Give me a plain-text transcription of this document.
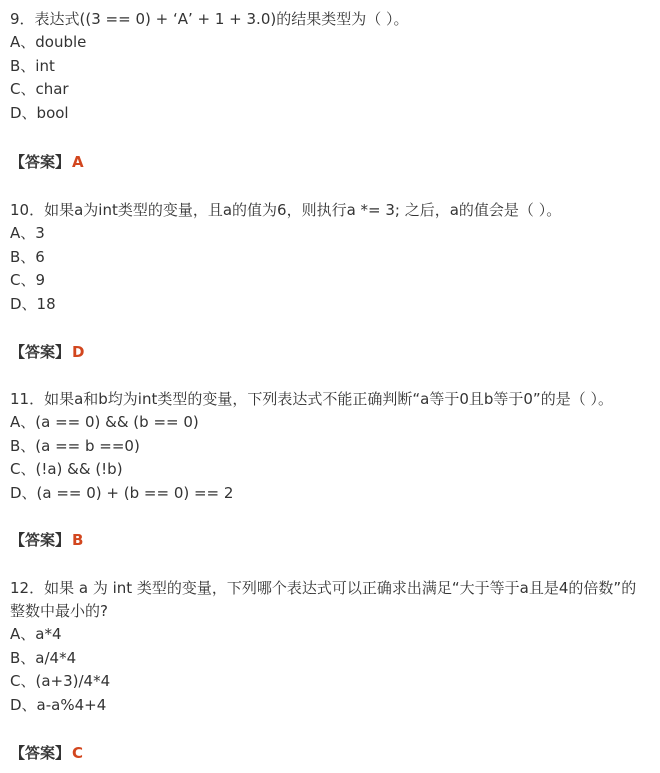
9．表达式((3 == 0) + ‘A’ + 1 + 3.0)的结果类型为（ ）。

A、double

B、int

C、char

D、bool

【答案】 A

10．如果a为int类型的变量，且a的值为6，则执行a *= 3; 之后，a的值会是（ ）。

A、3

B、6

C、9

D、18

【答案】 D

11．如果a和b均为int类型的变量，下列表达式不能正确判断“a等于0且b等于0”的是（ ）。

A、(a == 0) && (b == 0)

B、(a == b ==0)

C、(!a) && (!b)

D、(a == 0) + (b == 0) == 2

【答案】 B

12．如果 a 为 int 类型的变量，下列哪个表达式可以正确求出满足“大于等于a且是4的倍数”的整数中最小的?

A、a*4

B、a/4*4

C、(a+3)/4*4

D、a-a%4+4

【答案】 C
